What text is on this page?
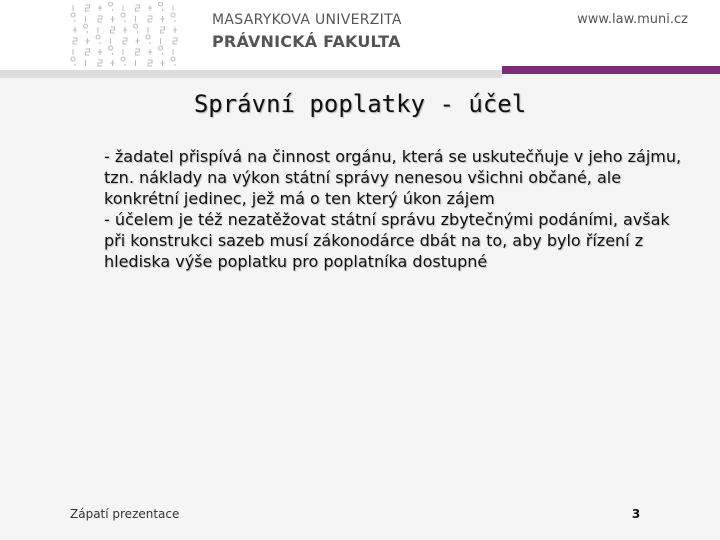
MASARYKOVA UNIVERZITA
PRÁVNICKÁ FAKULTA
www.law.muni.cz
Správní poplatky - účel

- žadatel přispívá na činnost orgánu, která se uskutečňuje v jeho zájmu, tzn. náklady na výkon státní správy nenesou všichni občané, ale konkrétní jedinec, jež má o ten který úkon zájem

- účelem je též nezatěžovat státní správu zbytečnými podáními, avšak při konstrukci sazeb musí zákonodárce dbát na to, aby bylo řízení z hlediska výše poplatku pro poplatníka dostupné

Zápatí prezentace	3
